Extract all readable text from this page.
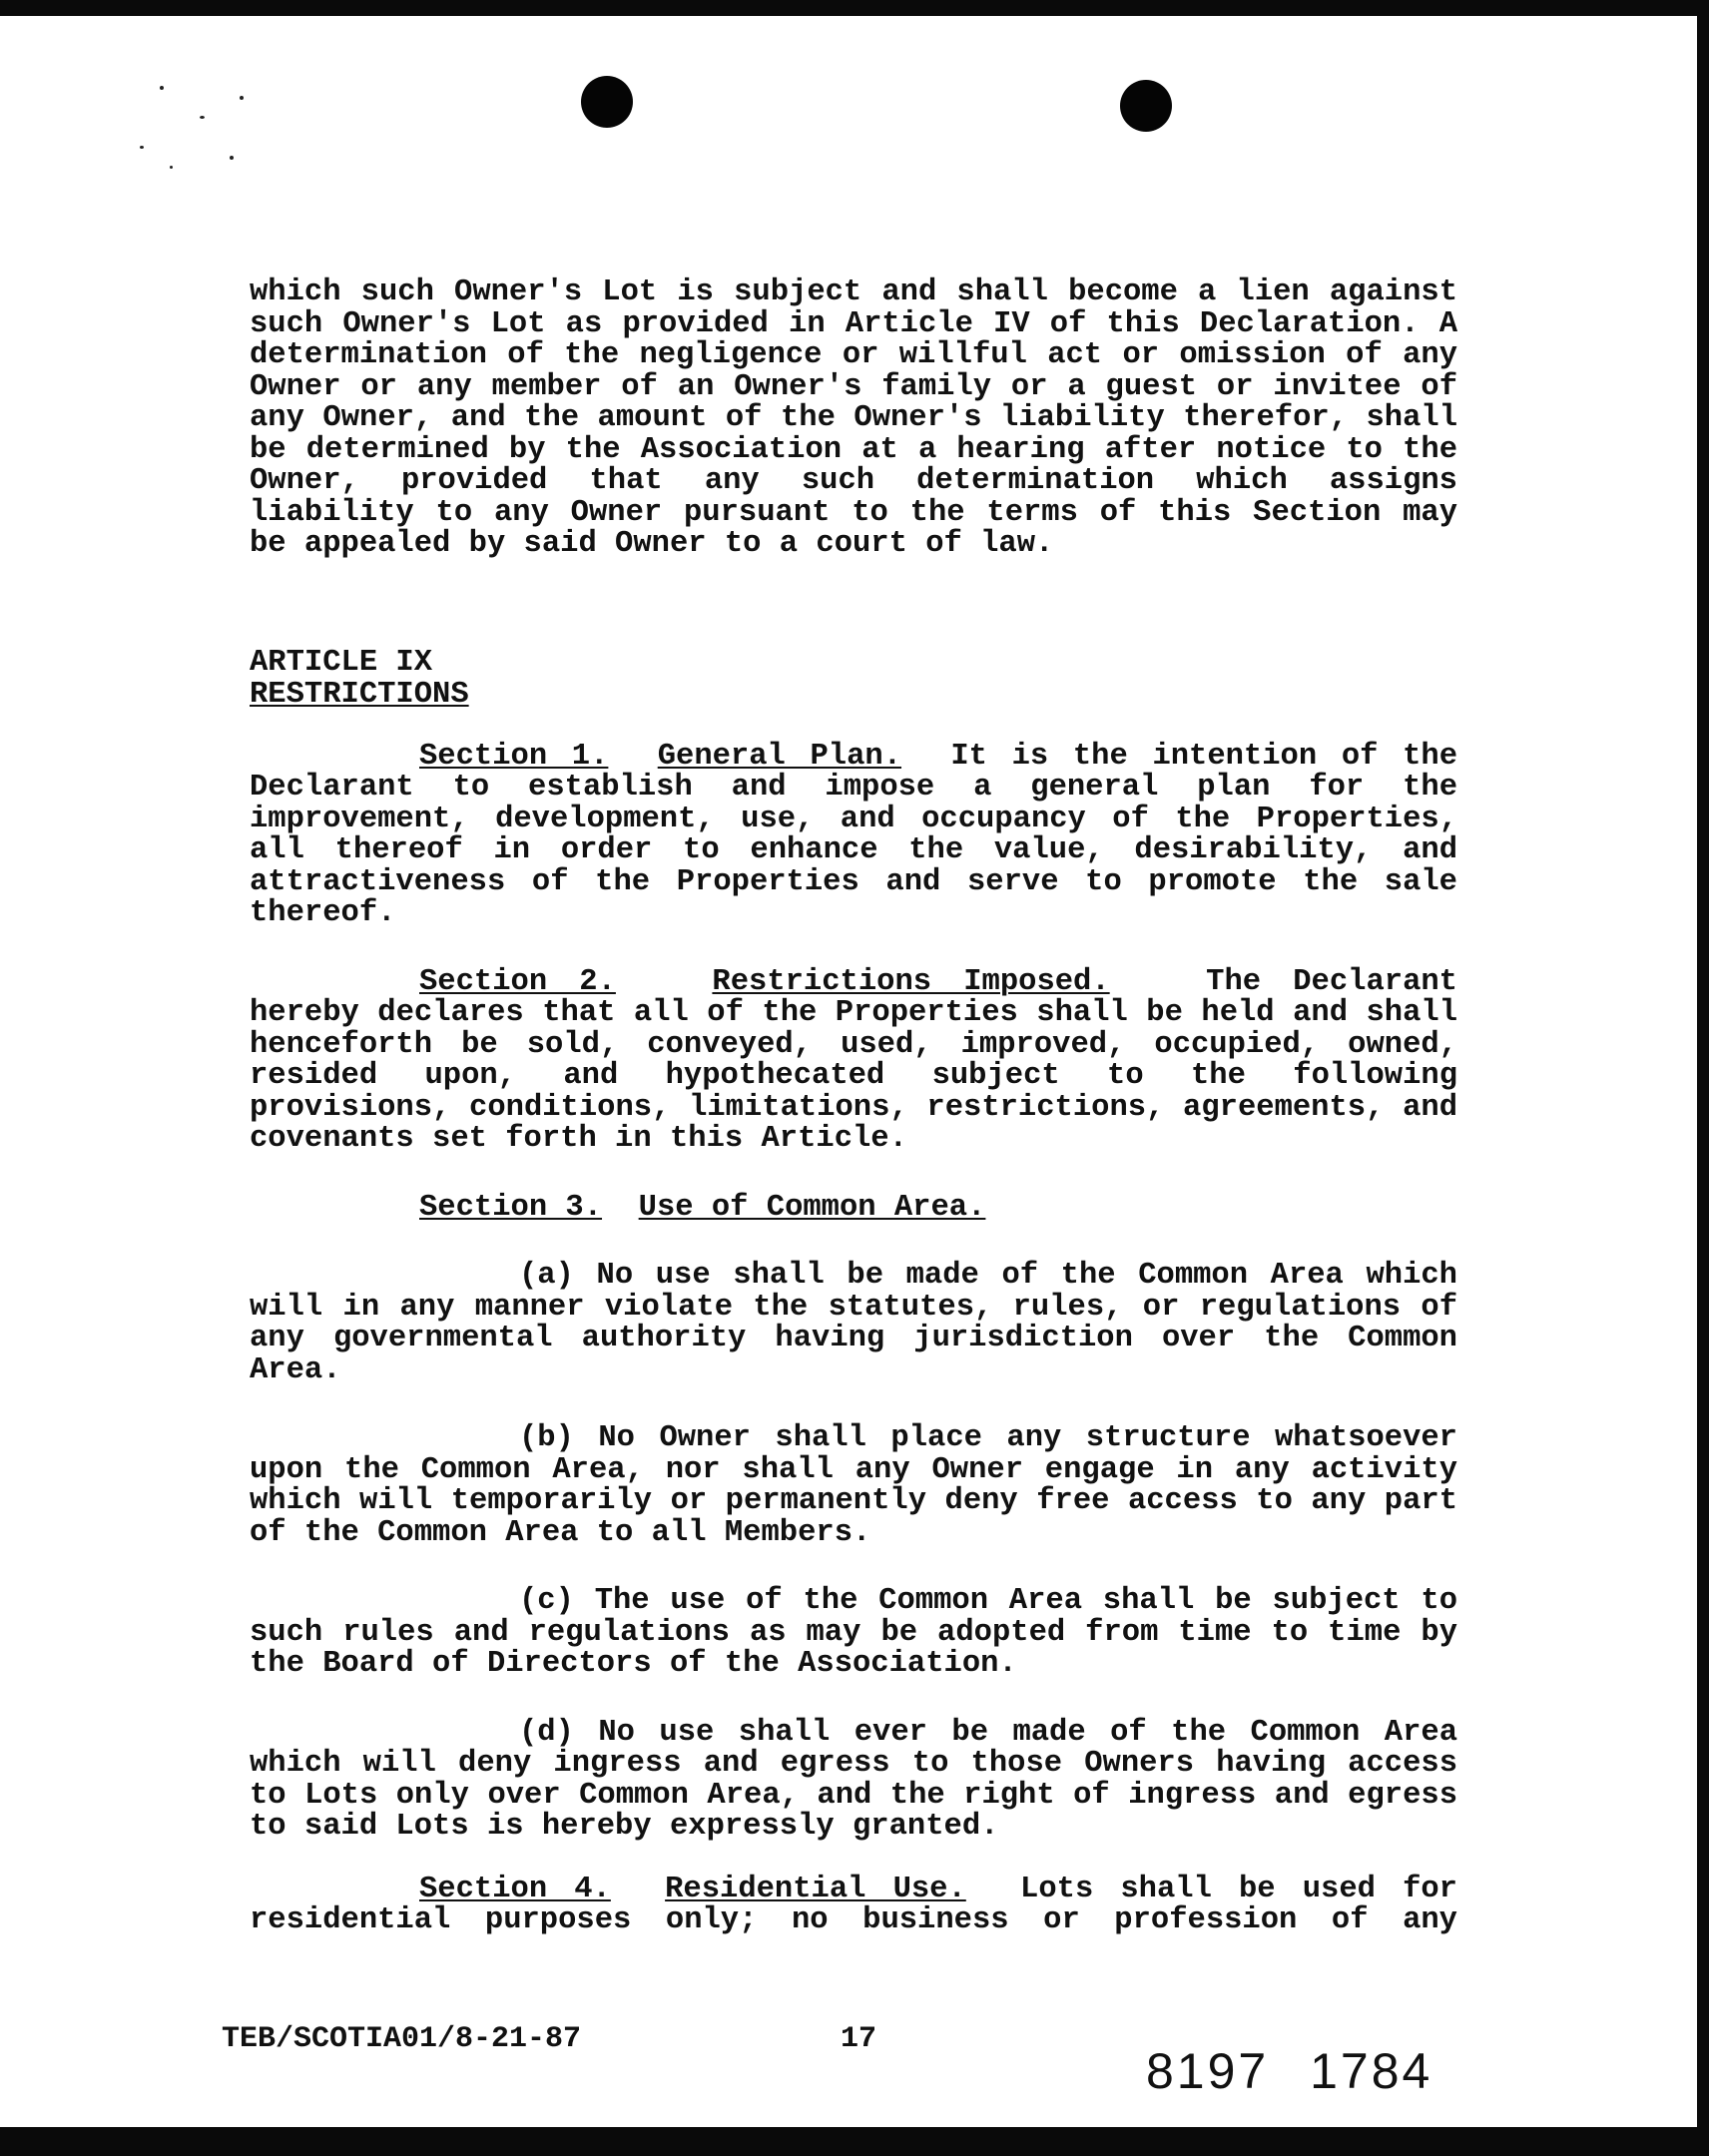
which such Owner's Lot is subject and shall become a lien against such Owner's Lot as provided in Article IV of this Declaration. A determination of the negligence or willful act or omission of any Owner or any member of an Owner's family or a guest or invitee of any Owner, and the amount of the Owner's liability therefor, shall be determined by the Association at a hearing after notice to the Owner, provided that any such determination which assigns liability to any Owner pursuant to the terms of this Section may be appealed by said Owner to a court of law.

ARTICLE IX

RESTRICTIONS

Section 1. General Plan. It is the intention of the Declarant to establish and impose a general plan for the improvement, development, use, and occupancy of the Properties, all thereof in order to enhance the value, desirability, and attractiveness of the Properties and serve to promote the sale thereof.

Section 2.	Restrictions Imposed.	The Declarant hereby declares that all of the Properties shall be held and shall henceforth be sold, conveyed, used, improved, occupied, owned, resided upon, and hypothecated subject to the following provisions, conditions, limitations, restrictions, agreements, and covenants set forth in this Article.

Section 3. Use of Common Area.

(a) No use shall be made of the Common Area which will in any manner violate the statutes, rules, or regulations of any governmental authority having jurisdiction over the Common Area.

(b) No Owner shall place any structure whatsoever upon the Common Area, nor shall any Owner engage in any activity which will temporarily or permanently deny free access to any part of the Common Area to all Members.

(c) The use of the Common Area shall be subject to such rules and regulations as may be adopted from time to time by the Board of Directors of the Association.

(d) No use shall ever be made of the Common Area which will deny ingress and egress to those Owners having access to Lots only over Common Area, and the right of ingress and egress to said Lots is hereby expressly granted.

Section 4. Residential Use. Lots shall be used for residential purposes only; no business or profession of any

TEB/SCOTIA01/8-21-87	17
8197 1784
